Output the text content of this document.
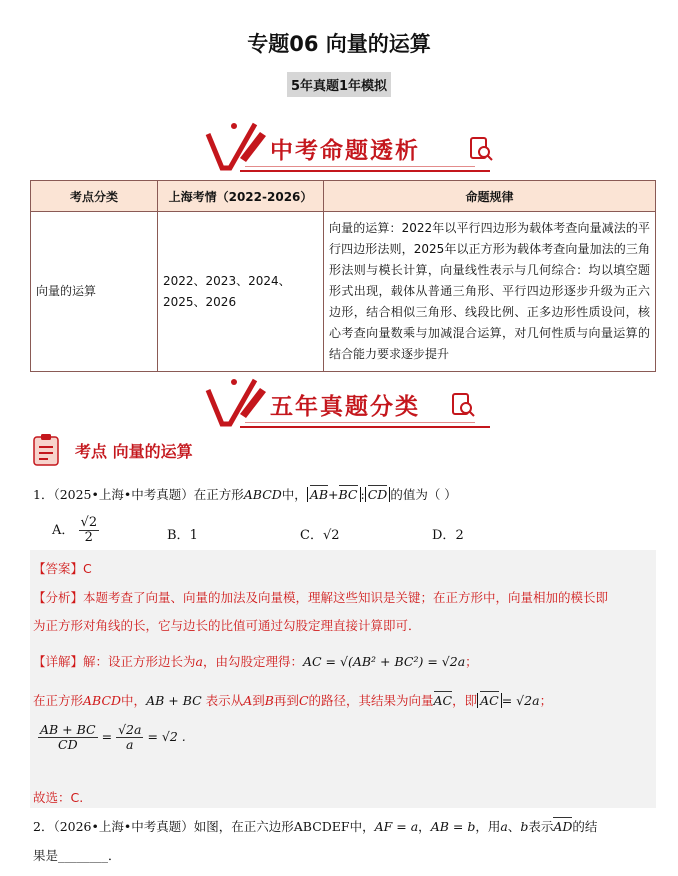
专题06 向量的运算
5年真题1年模拟
中考命题透析
考点分类	上海考情（2022-2026）	命题规律
向量的运算	2022、2023、2024、2025、2026	向量的运算：2022年以平行四边形为载体考查向量减法的平行四边形法则，2025年以正方形为载体考查向量加法的三角形法则与模长计算，向量线性表示与几何综合：均以填空题形式出现，载体从普通三角形、平行四边形逐步升级为正六边形，结合相似三角形、线段比例、正多边形性质设问，核心考查向量数乘与加减混合运算，对几何性质与向量运算的结合能力要求逐步提升
五年真题分类
考点 向量的运算
1．（2025•上海•中考真题）在正方形ABCD中， AB+BC : CD 的值为（ ）
A． $\frac{√2}{2}$	B．1	C．√2	D．2
【答案】C
【分析】本题考查了向量、向量的加法及向量模，理解这些知识是关键；在正方形中，向量相加的模长即
为正方形对角线的长，它与边长的比值可通过勾股定理直接计算即可．
【详解】解：设正方形边长为a，由勾股定理得：AC = √(AB² + BC²) = √2a；
在正方形ABCD中，AB + BC 表示从A到B再到C的路径，其结果为向量AC，即 AC = √2a；
$\frac{AB + BC}{CD} = \frac{√2a}{a} = √2$ .
故选：C.
2．（2026•上海•中考真题）如图，在正六边形ABCDEF中，AF = a，AB = b，用a、b表示AD的结
果是________．
